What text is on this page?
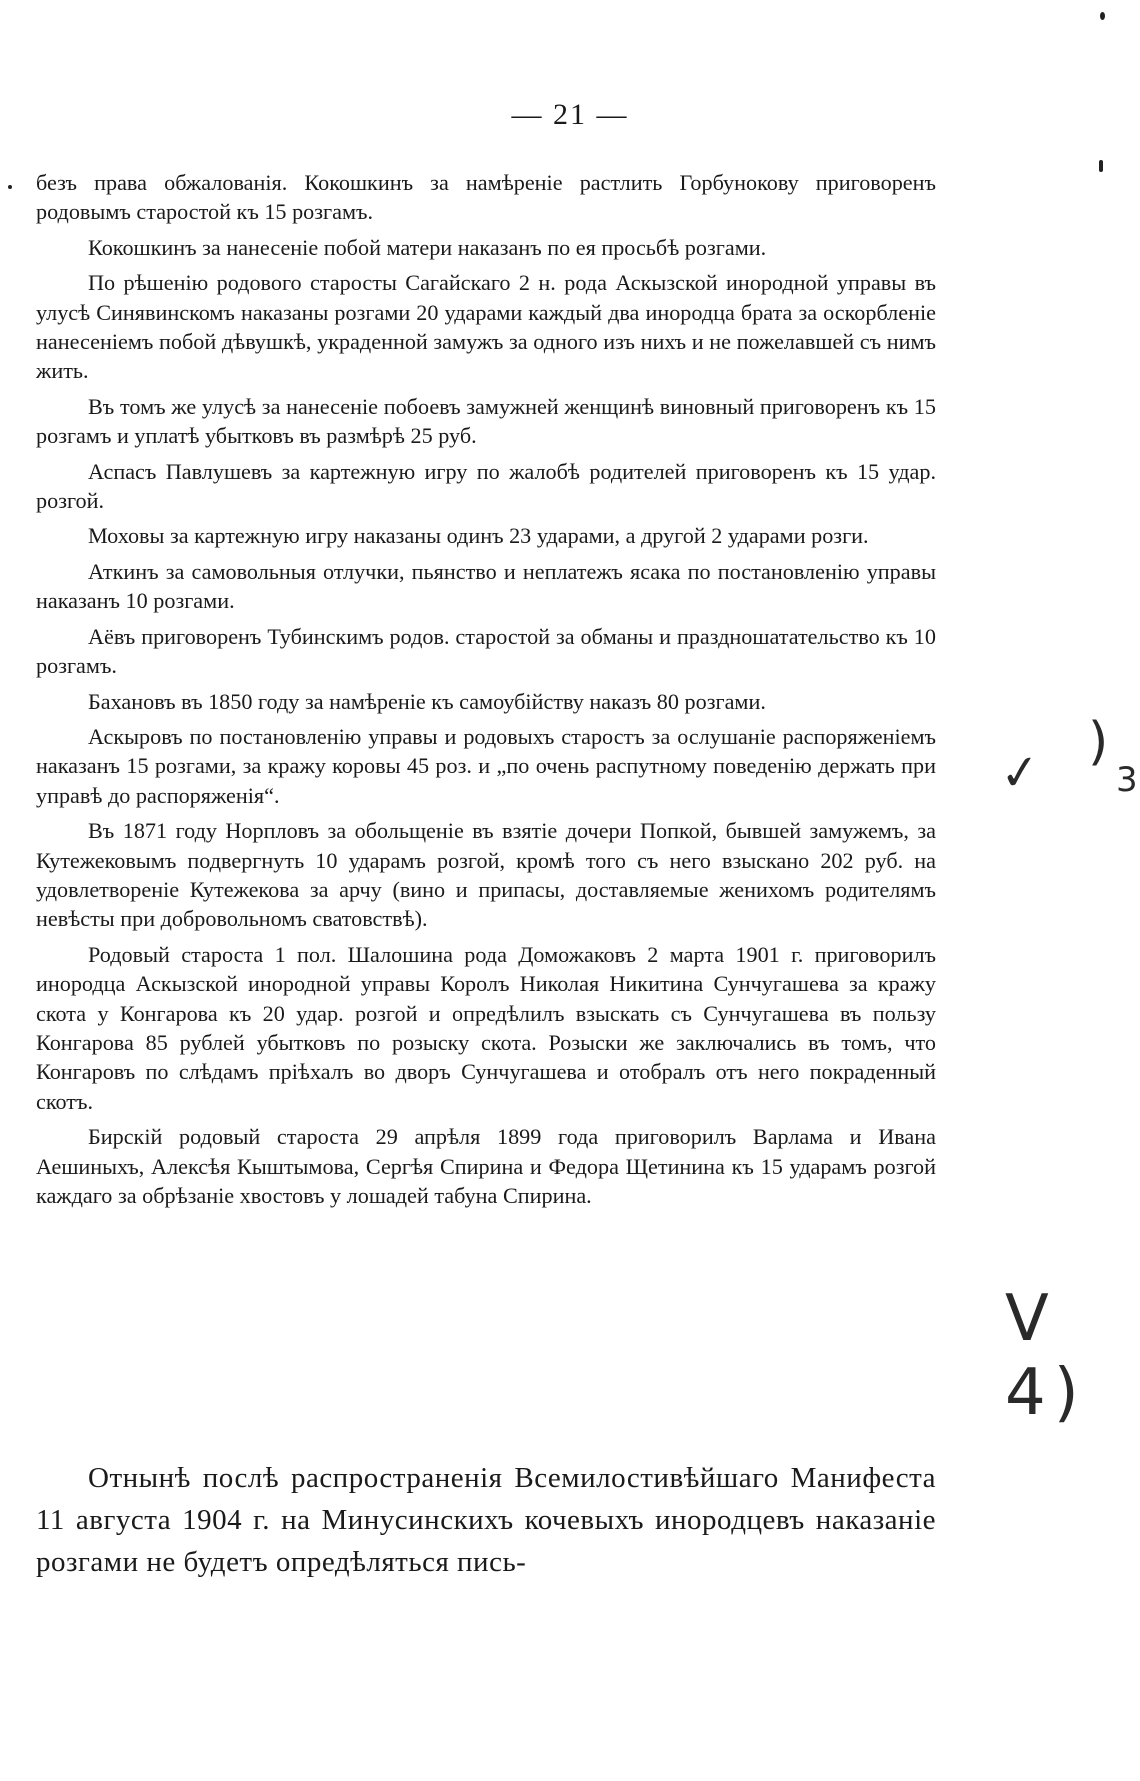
— 21 —

безъ права обжалованія. Кокошкинъ за намѣреніе растлить Горбунокову приговоренъ родовымъ старостой къ 15 розгамъ.

Кокошкинъ за нанесеніе побой матери наказанъ по ея просьбѣ розгами.

По рѣшенію родового старосты Сагайскаго 2 н. рода Аскызской инородной управы въ улусѣ Синявинскомъ наказаны розгами 20 ударами каждый два инородца брата за оскорбленіе нанесеніемъ побой дѣвушкѣ, украденной замужъ за одного изъ нихъ и не пожелавшей съ нимъ жить.

Въ томъ же улусѣ за нанесеніе побоевъ замужней женщинѣ виновный приговоренъ къ 15 розгамъ и уплатѣ убытковъ въ размѣрѣ 25 руб.

Аспасъ Павлушевъ за картежную игру по жалобѣ родителей приговоренъ къ 15 удар. розгой.

Моховы за картежную игру наказаны одинъ 23 ударами, а другой 2 ударами розги.

Аткинъ за самовольныя отлучки, пьянство и неплатежъ ясака по постановленію управы наказанъ 10 розгами.

Аёвъ приговоренъ Тубинскимъ родов. старостой за обманы и праздношатательство къ 10 розгамъ.

Бахановъ въ 1850 году за намѣреніе къ самоубійству наказъ 80 розгами.

Аскыровъ по постановленію управы и родовыхъ старостъ за ослушаніе распоряженіемъ наказанъ 15 розгами, за кражу коровы 45 роз. и „по очень распутному поведенію держать при управѣ до распоряженія“.

Въ 1871 году Норпловъ за обольщеніе въ взятіе дочери Попкой, бывшей замужемъ, за Кутежековымъ подвергнуть 10 ударамъ розгой, кромѣ того съ него взыскано 202 руб. на удовлетвореніе Кутежекова за арчу (вино и припасы, доставляемые женихомъ родителямъ невѣсты при добровольномъ сватовствѣ).

Родовый староста 1 пол. Шалошина рода Доможаковъ 2 марта 1901 г. приговорилъ инородца Аскызской инородной управы Королъ Николая Никитина Сунчугашева за кражу скота у Конгарова къ 20 удар. розгой и опредѣлилъ взыскать съ Сунчугашева въ пользу Конгарова 85 рублей убытковъ по розыску скота. Розыски же заключались въ томъ, что Конгаровъ по слѣдамъ пріѣхалъ во дворъ Сунчугашева и отобралъ отъ него покраденный скотъ.

Бирскій родовый староста 29 апрѣля 1899 года приговорилъ Варлама и Ивана Аешиныхъ, Алексѣя Кыштымова, Сергѣя Спирина и Федора Щетинина къ 15 ударамъ розгой каждаго за обрѣзаніе хвостовъ у лошадей табуна Спирина.

Отнынѣ послѣ распространенія Всемилостивѣйшаго Манифеста 11 августа 1904 г. на Минусинскихъ кочевыхъ инородцевъ наказаніе розгами не будетъ опредѣляться пись-
✓
)
3
V 4)
